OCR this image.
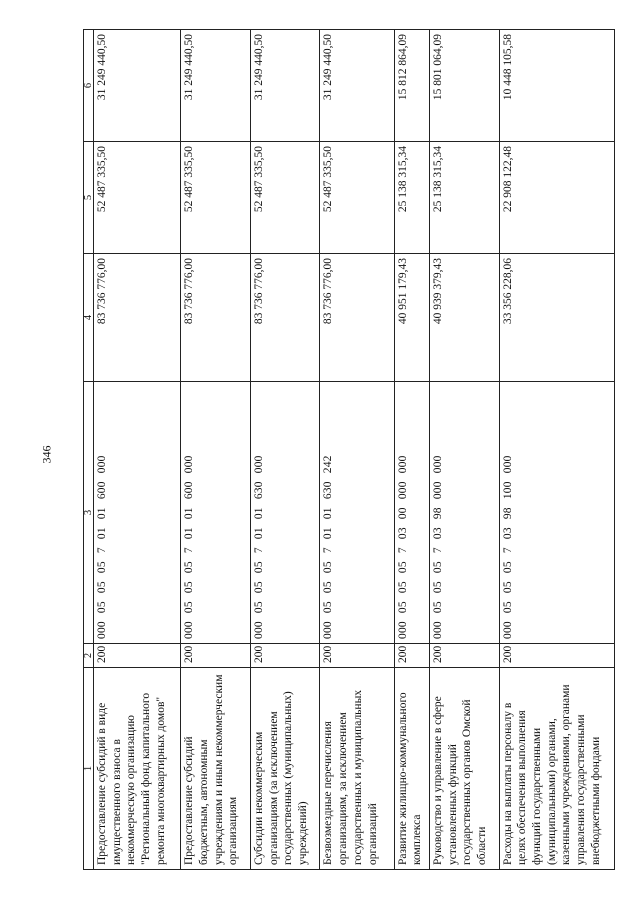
346
1	2	3	4	5	6
Предоставление субсидий в виде имущественного взноса в некоммерческую организацию "Региональный фонд капитального ремонта многоквартирных домов"	200	000 05 05 05 7 01 01 600 000	83 736 776,00	52 487 335,50	31 249 440,50
Предоставление субсидий бюджетным, автономным учреждениям и иным некоммерческим организациям	200	000 05 05 05 7 01 01 600 000	83 736 776,00	52 487 335,50	31 249 440,50
Субсидии некоммерческим организациям (за исключением государственных (муниципальных) учреждений)	200	000 05 05 05 7 01 01 630 000	83 736 776,00	52 487 335,50	31 249 440,50
Безвозмездные перечисления организациям, за исключением государственных и муниципальных организаций	200	000 05 05 05 7 01 01 630 242	83 736 776,00	52 487 335,50	31 249 440,50
Развитие жилищно-коммунального комплекса	200	000 05 05 05 7 03 00 000 000	40 951 179,43	25 138 315,34	15 812 864,09
Руководство и управление в сфере установленных функций государственных органов Омской области	200	000 05 05 05 7 03 98 000 000	40 939 379,43	25 138 315,34	15 801 064,09
Расходы на выплаты персоналу в целях обеспечения выполнения функций государственными (муниципальными) органами, казенными учреждениями, органами управления государственными внебюджетными фондами	200	000 05 05 05 7 03 98 100 000	33 356 228,06	22 908 122,48	10 448 105,58
